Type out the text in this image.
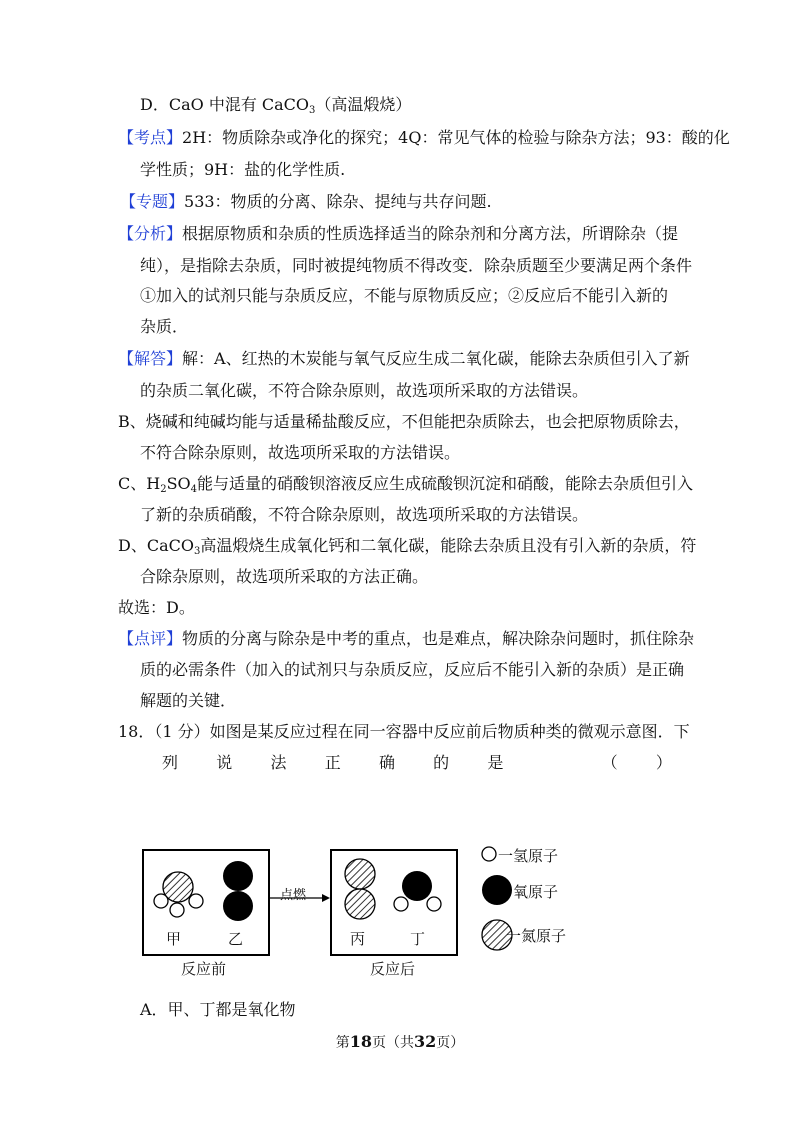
D．CaO 中混有 CaCO$_3$（高温煅烧）
【考点】2H：物质除杂或净化的探究；4Q：常见气体的检验与除杂方法；93：酸的化
学性质；9H：盐的化学性质.
【专题】533：物质的分离、除杂、提纯与共存问题.
【分析】根据原物质和杂质的性质选择适当的除杂剂和分离方法，所谓除杂（提
纯），是指除去杂质，同时被提纯物质不得改变．除杂质题至少要满足两个条件
①加入的试剂只能与杂质反应，不能与原物质反应；②反应后不能引入新的
杂质．
【解答】解：A、红热的木炭能与氧气反应生成二氧化碳，能除去杂质但引入了新
的杂质二氧化碳，不符合除杂原则，故选项所采取的方法错误。
B、烧碱和纯碱均能与适量稀盐酸反应，不但能把杂质除去，也会把原物质除去，
不符合除杂原则，故选项所采取的方法错误。
C、$H_2SO_4$能与适量的硝酸钡溶液反应生成硫酸钡沉淀和硝酸，能除去杂质但引入
了新的杂质硝酸，不符合除杂原则，故选项所采取的方法错误。
D、CaCO$_3$高温煅烧生成氧化钙和二氧化碳，能除去杂质且没有引入新的杂质，符
合除杂原则，故选项所采取的方法正确。
故选：D。
【点评】物质的分离与除杂是中考的重点，也是难点，解决除杂问题时，抓住除杂
质的必需条件（加入的试剂只与杂质反应，反应后不能引入新的杂质）是正确
解题的关键．
18．（1 分）如图是某反应过程在同一容器中反应前后物质种类的微观示意图．下
列 说 法 正 确 的 是	（ ）
点燃
甲	乙	丙	丁
反应前	反应后
一氢原子
氧原子
一氮原子
A．甲、丁都是氧化物
第18页（共32页）
